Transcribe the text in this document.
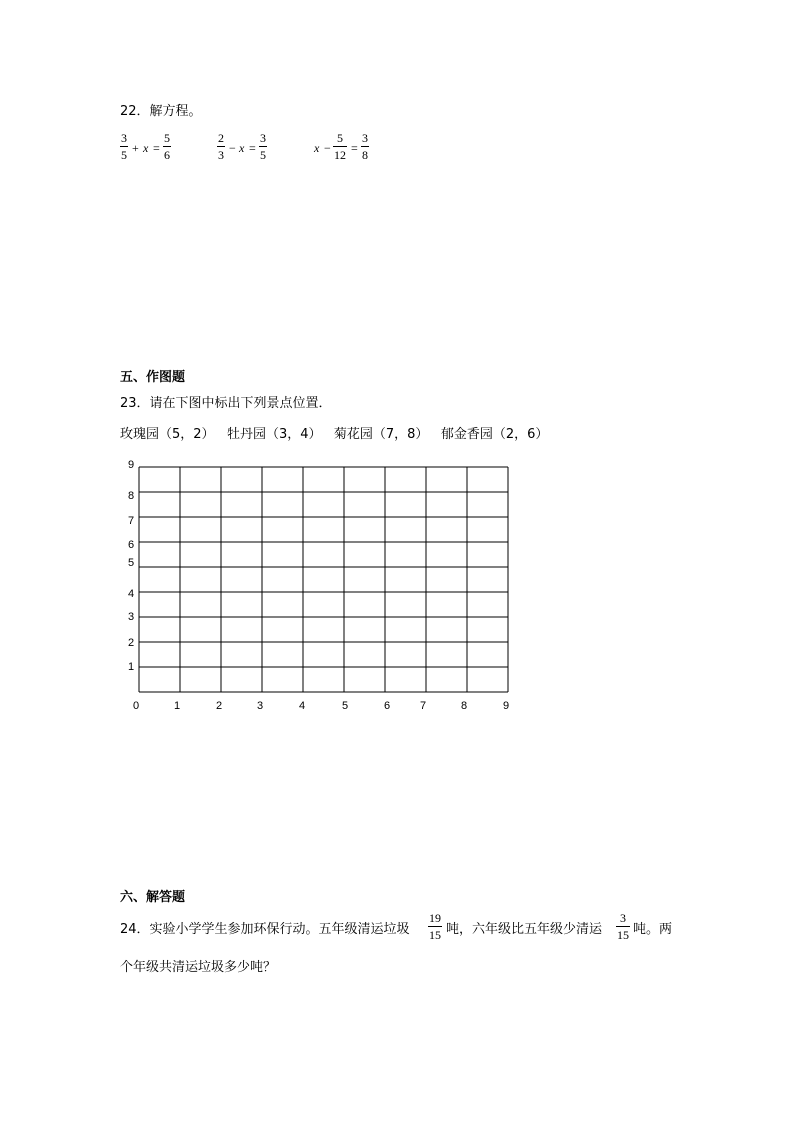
22．解方程。
3
5 + x =
5
6
2
3 − x =
3
5	x −
5
12 =
3
8
五、作图题
23．请在下图中标出下列景点位置．
玫瑰园（5，2）   牡丹园（3，4）   菊花园（7，8）   郁金香园（2，6）
1
2
3
4
5
6
7
8
9
0	1	2	3	4	5	6	7	8	9
六、解答题
24．实验小学学生参加环保行动。五年级清运垃圾
19
15 吨，六年级比五年级少清运
3
15 吨。两
个年级共清运垃圾多少吨？
